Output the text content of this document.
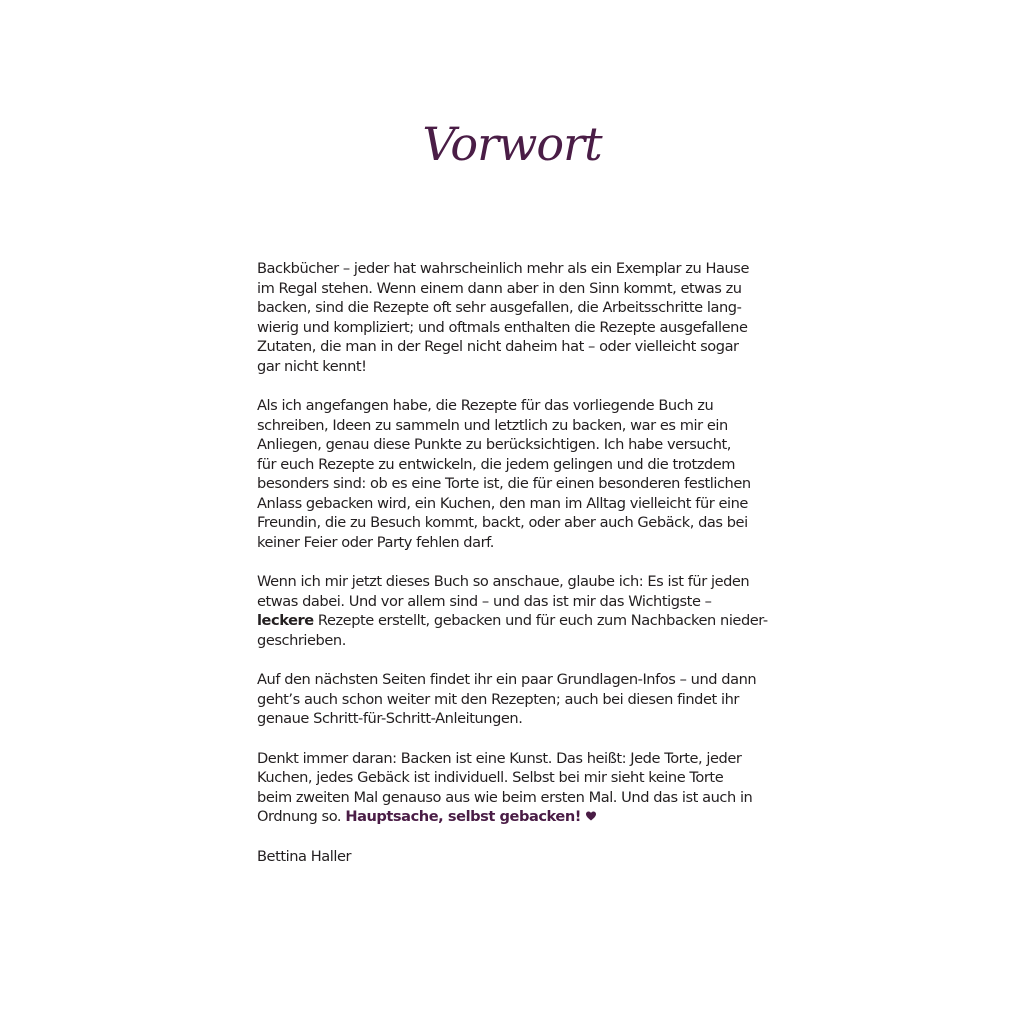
Vorwort

Backbücher – jeder hat wahrscheinlich mehr als ein Exemplar zu Hause
im Regal stehen. Wenn einem dann aber in den Sinn kommt, etwas zu
backen, sind die Rezepte oft sehr ausgefallen, die Arbeitsschritte lang-
wierig und kompliziert; und oftmals enthalten die Rezepte ausgefallene
Zutaten, die man in der Regel nicht daheim hat – oder vielleicht sogar
gar nicht kennt!

Als ich angefangen habe, die Rezepte für das vorliegende Buch zu
schreiben, Ideen zu sammeln und letztlich zu backen, war es mir ein
Anliegen, genau diese Punkte zu berücksichtigen. Ich habe versucht,
für euch Rezepte zu entwickeln, die jedem gelingen und die trotzdem
besonders sind: ob es eine Torte ist, die für einen besonderen festlichen
Anlass gebacken wird, ein Kuchen, den man im Alltag vielleicht für eine
Freundin, die zu Besuch kommt, backt, oder aber auch Gebäck, das bei
keiner Feier oder Party fehlen darf.

Wenn ich mir jetzt dieses Buch so anschaue, glaube ich: Es ist für jeden
etwas dabei. Und vor allem sind – und das ist mir das Wichtigste –
leckere Rezepte erstellt, gebacken und für euch zum Nachbacken nieder-
geschrieben.

Auf den nächsten Seiten findet ihr ein paar Grundlagen-Infos – und dann
geht’s auch schon weiter mit den Rezepten; auch bei diesen findet ihr
genaue Schritt-für-Schritt-Anleitungen.

Denkt immer daran: Backen ist eine Kunst. Das heißt: Jede Torte, jeder
Kuchen, jedes Gebäck ist individuell. Selbst bei mir sieht keine Torte
beim zweiten Mal genauso aus wie beim ersten Mal. Und das ist auch in
Ordnung so. Hauptsache, selbst gebacken!

Bettina Haller
